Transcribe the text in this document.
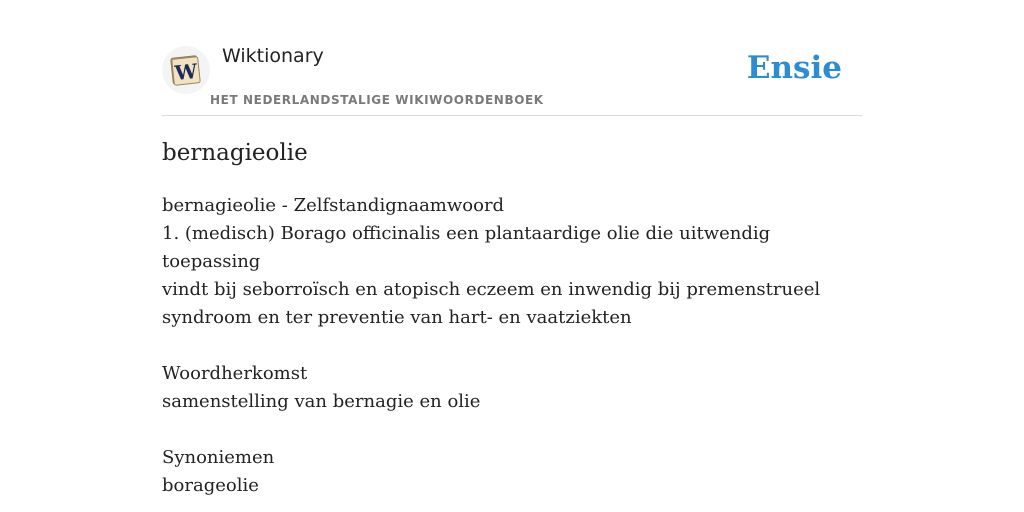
W
Wiktionary
HET NEDERLANDSTALIGE WIKIWOORDENBOEK
Ensie
bernagieolie
bernagieolie - Zelfstandignaamwoord
1. (medisch) Borago officinalis een plantaardige olie die uitwendig toepassing
vindt bij seborroïsch en atopisch eczeem en inwendig bij premenstrueel
syndroom en ter preventie van hart- en vaatziekten
Woordherkomst
samenstelling van bernagie en olie
Synoniemen
borageolie
